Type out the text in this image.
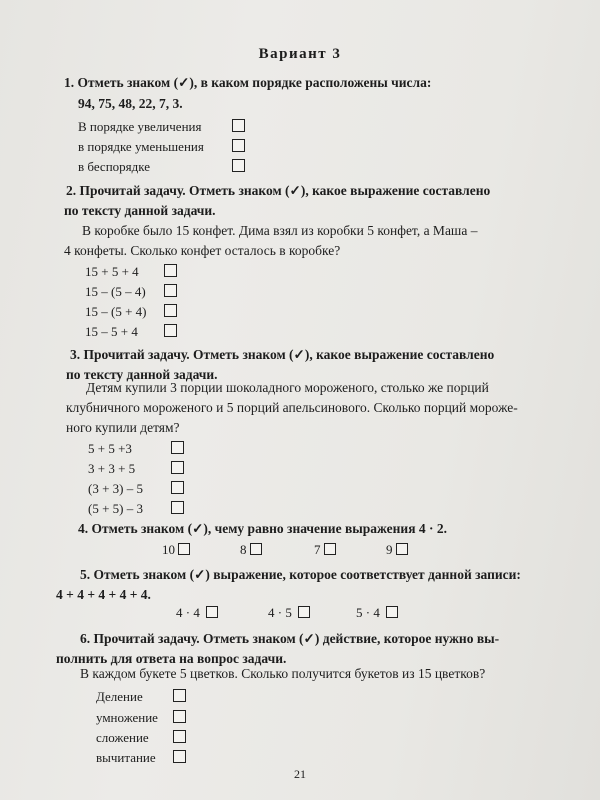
Вариант 3
1. Отметь знаком (✓), в каком порядке расположены числа:
94, 75, 48, 22, 7, 3.
В порядке увеличения
в порядке уменьшения
в беспорядке
2. Прочитай задачу. Отметь знаком (✓), какое выражение составлено
по тексту данной задачи.
В коробке было 15 конфет. Дима взял из коробки 5 конфет, а Маша –
4 конфеты. Сколько конфет осталось в коробке?
15 + 5 + 4
15 – (5 – 4)
15 – (5 + 4)
15 – 5 + 4
3. Прочитай задачу. Отметь знаком (✓), какое выражение составлено
по тексту данной задачи.
Детям купили 3 порции шоколадного мороженого, столько же порций
клубничного мороженого и 5 порций апельсинового. Сколько порций мороже-
ного купили детям?
5 + 5 +3
3 + 3 + 5
(3 + 3) – 5
(5 + 5) – 3
4. Отметь знаком (✓), чему равно значение выражения 4 · 2.
10	8	7	9
5. Отметь знаком (✓) выражение, которое соответствует данной записи:
4 + 4 + 4 + 4 + 4.
4 · 4	4 · 5	5 · 4
6. Прочитай задачу. Отметь знаком (✓) действие, которое нужно вы-
полнить для ответа на вопрос задачи.
В каждом букете 5 цветков. Сколько получится букетов из 15 цветков?
Деление
умножение
сложение
вычитание
21
